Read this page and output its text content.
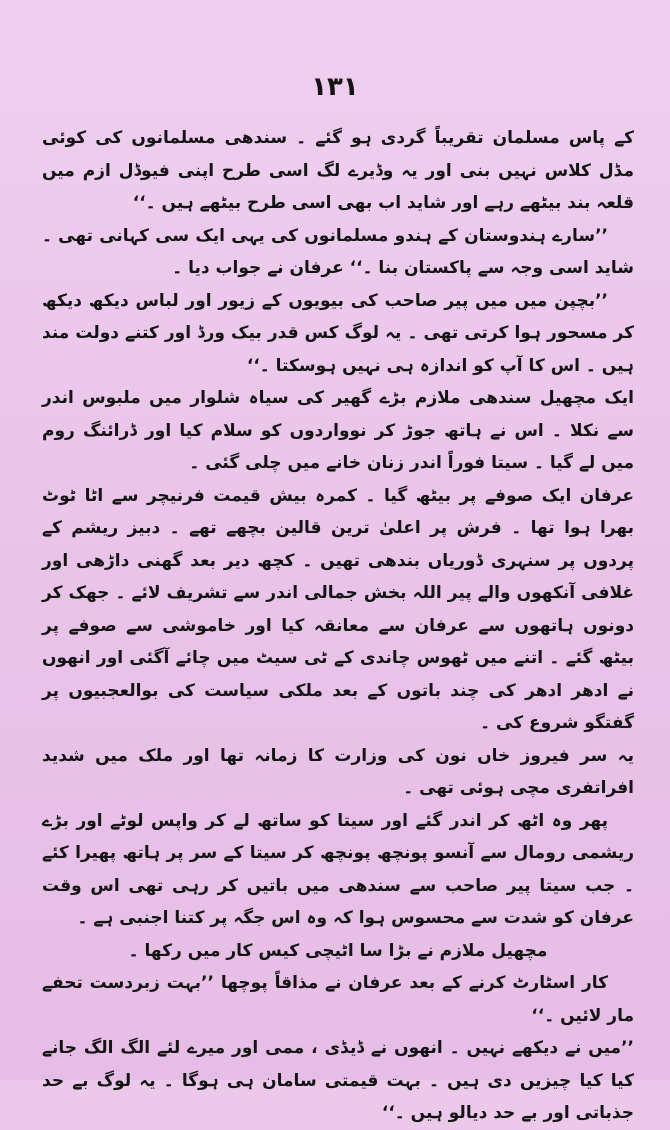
۱۳۱

کے پاس مسلمان تقریباً گردی ہو گئے ۔ سندھی مسلمانوں کی کوئی مڈل کلاس نہیں بنی اور یہ وڈیرے لگ اسی طرح اپنی فیوڈل ازم میں قلعہ بند بیٹھے رہے اور شاید اب بھی اسی طرح بیٹھے ہیں ۔‘‘

’’سارے ہندوستان کے ہندو مسلمانوں کی یہی ایک سی کہانی تھی ۔ شاید اسی وجہ سے پاکستان بنا ۔‘‘ عرفان نے جواب دیا ۔

’’بچپن میں میں پیر صاحب کی بیویوں کے زیور اور لباس دیکھ دیکھ کر مسحور ہوا کرتی تھی ۔ یہ لوگ کس قدر بیک ورڈ اور کتنے دولت مند ہیں ۔ اس کا آپ کو اندازہ ہی نہیں ہوسکتا ۔‘‘

ایک مچھیل سندھی ملازم بڑے گھیر کی سیاہ شلوار میں ملبوس اندر سے نکلا ۔ اس نے ہاتھ جوڑ کر نوواردوں کو سلام کیا اور ڈرائنگ روم میں لے گیا ۔ سیتا فوراً اندر زنان خانے میں چلی گئی ۔

عرفان ایک صوفے پر بیٹھ گیا ۔ کمرہ بیش قیمت فرنیچر سے اٹا ٹوٹ بھرا ہوا تھا ۔ فرش پر اعلیٰ ترین قالین بچھے تھے ۔ دبیز ریشم کے پردوں پر سنہری ڈوریاں بندھی تھیں ۔ کچھ دیر بعد گھنی داڑھی اور غلافی آنکھوں والے پیر اللہ بخش جمالی اندر سے تشریف لائے ۔ جھک کر دونوں ہاتھوں سے عرفان سے معانقہ کیا اور خاموشی سے صوفے پر بیٹھ گئے ۔ اتنے میں ٹھوس چاندی کے ٹی سیٹ میں چائے آگئی اور انھوں نے ادھر ادھر کی چند باتوں کے بعد ملکی سیاست کی بوالعجبیوں پر گفتگو شروع کی ۔

یہ سر فیروز خاں نون کی وزارت کا زمانہ تھا اور ملک میں شدید افراتفری مچی ہوئی تھی ۔

پھر وہ اٹھ کر اندر گئے اور سیتا کو ساتھ لے کر واپس لوٹے اور بڑے ریشمی رومال سے آنسو پونچھ پونچھ کر سیتا کے سر پر ہاتھ پھیرا کئے ۔ جب سیتا پیر صاحب سے سندھی میں باتیں کر رہی تھی اس وقت عرفان کو شدت سے محسوس ہوا کہ وہ اس جگہ پر کتنا اجنبی ہے ۔

مچھیل ملازم نے بڑا سا اٹیچی کیس کار میں رکھا ۔

کار اسٹارٹ کرنے کے بعد عرفان نے مذاقاً پوچھا ’’بہت زبردست تحفے مار لائیں ۔‘‘

’’میں نے دیکھے نہیں ۔ انھوں نے ڈیڈی ، ممی اور میرے لئے الگ الگ جانے کیا کیا چیزیں دی ہیں ۔ بہت قیمتی سامان ہی ہوگا ۔ یہ لوگ بے حد جذباتی اور بے حد دیالو ہیں ۔‘‘
